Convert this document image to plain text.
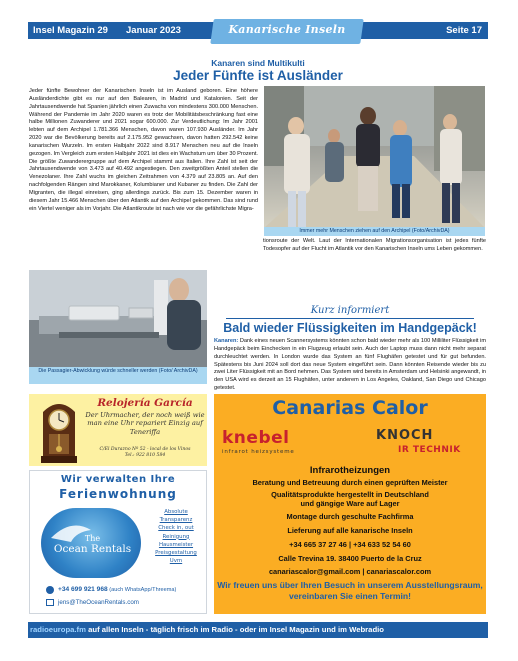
Insel Magazin 29 Januar 2023	Seite 17
Kanarische Inseln
Kanaren sind Multikulti
Jeder Fünfte ist Ausländer
Jeder fünfte Bewohner der Kanarischen Inseln ist im Ausland geboren. Eine höhere Ausländerdichte gibt es nur auf den Balearen, in Madrid und Katalonien. Seit der Jahrtausendwende hat Spanien jährlich einen Zuwachs von mindestens 300.000 Menschen. Während der Pandemie im Jahr 2020 waren es trotz der Mobilitätsbeschränkung fast eine halbe Millionen Zuwanderer und 2021 sogar 600.000. Zur Verdeutlichung: Im Jahr 2001 lebten auf dem Archipel 1.781.366 Menschen, davon waren 107.930 Ausländer. Im Jahr 2020 war die Bevölkerung bereits auf 2.175.952 gewachsen, davon hatten 292.542 keine kanarischen Wurzeln. Im ersten Halbjahr 2022 sind 8.917 Menschen neu auf die Inseln gezogen. Im Vergleich zum ersten Halbjahr 2021 ist dies ein Wachstum um über 30 Prozent. Die größte Zuwanderergruppe auf dem Archipel stammt aus Italien. Ihre Zahl ist seit der Jahrtausendwende von 3.473 auf 40.492 angestiegen. Den zweitgrößten Anteil stellen die Venezolaner. Ihre Zahl wuchs im gleichen Zeitrahmen von 4.379 auf 23.805 an. Auf den nachfolgenden Rängen sind Marokkaner, Kolumbianer und Kubaner zu finden. Die Zahl der Migranten, die illegal einreisen, ging allerdings zurück. Bis zum 15. Dezember waren in diesem Jahr 15.466 Menschen über den Atlantik auf den Archipel gekommen. Das sind rund ein Viertel weniger als im Vorjahr. Die Atlantikroute ist nach wie vor die gefährlichste Migra-
Immer mehr Menschen ziehen auf den Archipel (Foto/ArchivDA)
tionsroute der Welt. Laut der Internationalen Migrationsorganisation ist jedes fünfte Todesopfer auf der Flucht im Atlantik vor den Kanarischen Inseln ums Leben gekommen.
Die Passagier-Abwicklung würde schneller werden (Foto/ ArchivDA)
Kurz informiert
Bald wieder Flüssigkeiten im Handgepäck!
Kanaren: Dank eines neuen Scannersystems könnten schon bald wieder mehr als 100 Milliliter Flüssigkeit im Handgepäck beim Einchecken in ein Flugzeug erlaubt sein. Auch der Laptop muss dann nicht mehr separat durchleuchtet werden. In London wurde das System an fünf Flughäfen getestet und für gut befunden. Spätestens bis Juni 2024 soll dort das neue System eingeführt sein. Dann könnten Reisende wieder bis zu zwei Liter Flüssigkeit mit an Bord nehmen. Das System wird bereits in Amsterdam und Helsinki angewandt, in den USA wird es derzeit an 15 Flughäfen, unter anderem in Los Angeles, Oakland, San Diego und Chicago getestet.
Relojería García
Der Uhrmacher, der noch weiß wie man eine Uhr repariert Einzig auf Teneriffa
C/El Durazno Nº 52 - local de los Vinos
Tel.: 922 810 584
Wir verwalten Ihre
Ferienwohnung
The
Ocean Rentals
Absolute
Transparenz
Check in, out
Reinigung
Hausmeister
Preisgestaltung
Uvm
+34 699 921 968 (auch WhatsApp/Threema)
jens@TheOceanRentals.com
Canarias Calor
knebel
infrarot heizsysteme
KNOCH
IR TECHNIK
Infrarotheizungen
Beratung und Betreuung durch einen geprüften Meister
Qualitätsprodukte hergestellt in Deutschland
und gängige Ware auf Lager
Montage durch geschulte Fachfirma
Lieferung auf alle kanarische Inseln
+34 665 37 27 46 | +34 633 52 54 60
Calle Trevina 19. 38400 Puerto de la Cruz
canariascalor@gmail.com | canariascalor.com
Wir freuen uns über Ihren Besuch in unserem Ausstellungsraum, vereinbaren Sie einen Termin!
radioeuropa.fm auf allen Inseln - täglich frisch im Radio - oder im Insel Magazin und im Webradio
